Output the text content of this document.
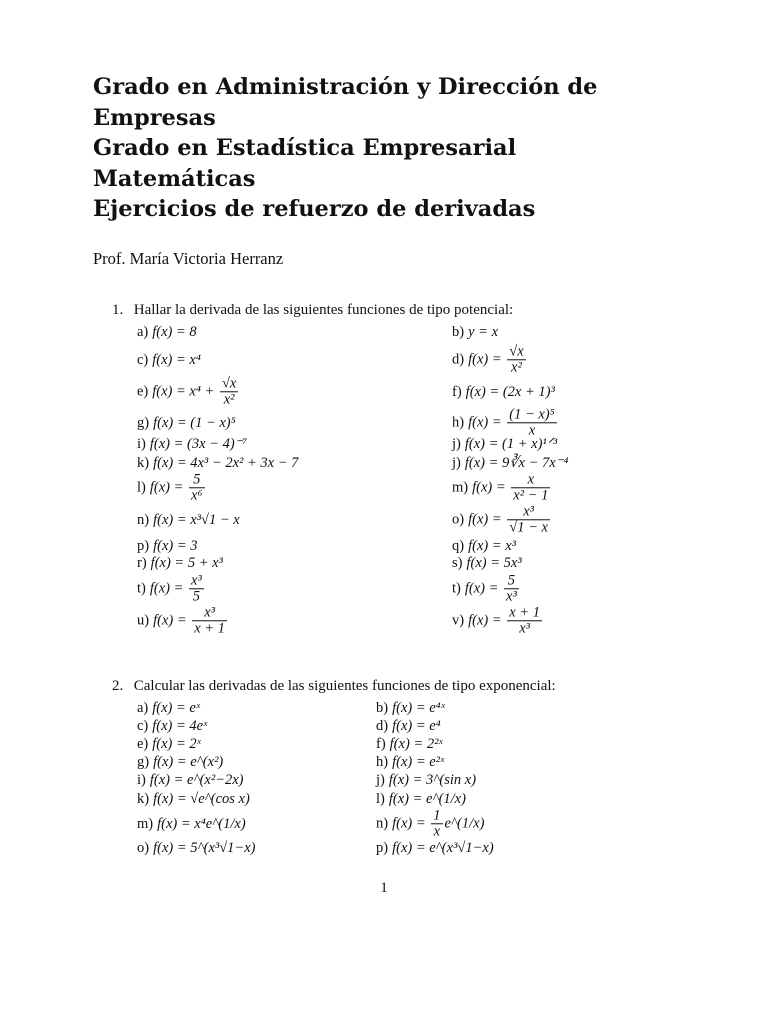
Grado en Administración y Dirección de
Empresas
Grado en Estadística Empresarial
Matemáticas
Ejercicios de refuerzo de derivadas
Prof. María Victoria Herranz
1. Hallar la derivada de las siguientes funciones de tipo potencial:
a) f(x) = 8	b) y = x
c) f(x) = x⁴	d) $f(x) = \frac{√x}{\text{x²}}$
e) $f(x) = x^4 + \frac{√x}{\text{x²}}$	f) f(x) = (2x + 1)³
g) f(x) = (1 − x)⁵	h) $f(x) = \frac{\text{(1 − x)⁵}}{x}$
i) f(x) = (3x − 4)⁻⁷	j) f(x) = (1 + x)¹ᐟ³
k) f(x) = 4x³ − 2x² + 3x − 7	j) f(x) = 9∛x − 7x⁻⁴
l) $f(x) = \frac{5}{\text{x⁶}}$	m) $f(x) = \frac{x}{\text{x² − 1}}$
n) f(x) = x³√1 − x	o) $f(x) = \frac{\text{x³}}{√1 - x}$
p) f(x) = 3	q) f(x) = x³
r) f(x) = 5 + x³	s) f(x) = 5x³
t) $f(x) = \frac{\text{x³}}{5}$	t) $f(x) = \frac{5}{\text{x³}}$
u) $f(x) = \frac{\text{x³}}{x + 1}$	v) $f(x) = \frac{x + 1}{\text{x³}}$
2. Calcular las derivadas de las siguientes funciones de tipo exponencial:
a) f(x) = eˣ	b) f(x) = e⁴ˣ
c) f(x) = 4eˣ	d) f(x) = e⁴
e) f(x) = 2ˣ	f) f(x) = 2²ˣ
g) f(x) = e^(x²)	h) f(x) = e²ˣ
i) f(x) = e^(x²−2x)	j) f(x) = 3^(sin x)
k) f(x) = √e^(cos x)	l) f(x) = e^(1/x)
m) f(x) = x⁴e^(1/x)	n) $f(x) = \frac{1}{x}$ e^(1/x)
o) f(x) = 5^(x³√1−x)	p) f(x) = e^(x³√1−x)
1
